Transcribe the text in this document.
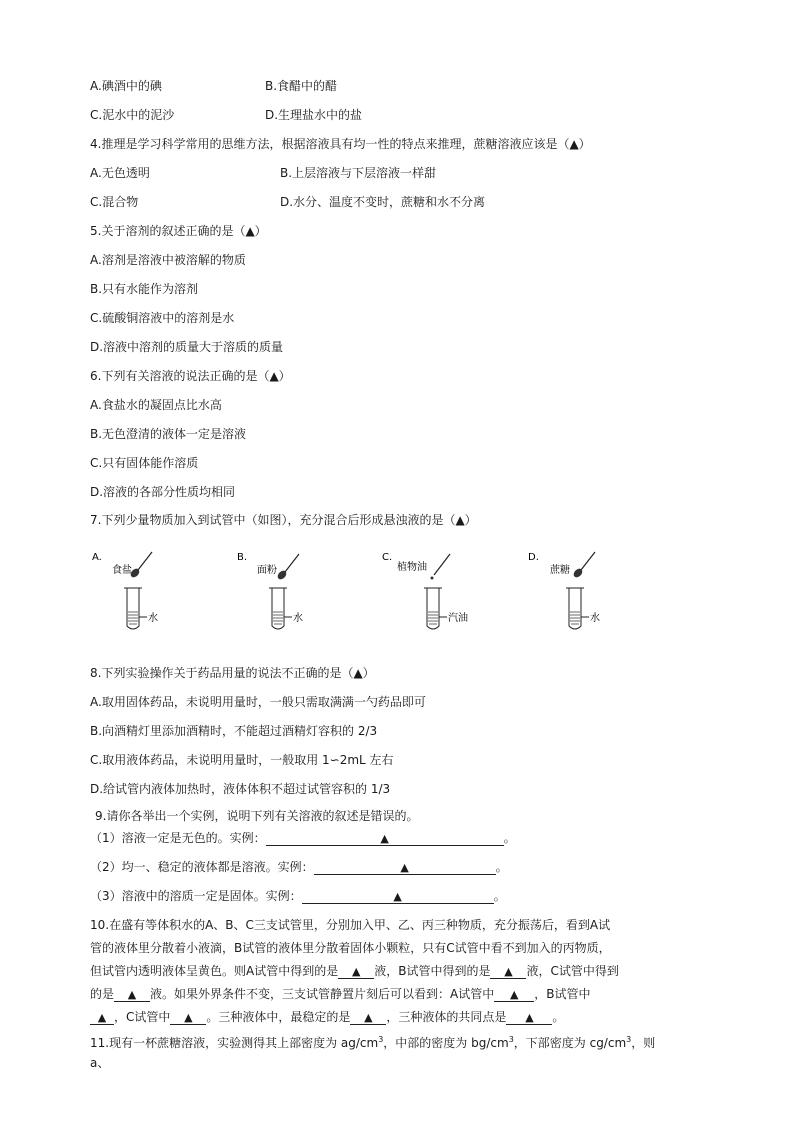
A.碘酒中的碘	B.食醋中的醋
C.泥水中的泥沙	D.生理盐水中的盐
4.推理是学习科学常用的思维方法，根据溶液具有均一性的特点来推理，蔗糖溶液应该是（▲）
A.无色透明	B.上层溶液与下层溶液一样甜
C.混合物	D.水分、温度不变时，蔗糖和水不分离
5.关于溶剂的叙述正确的是（▲）
A.溶剂是溶液中被溶解的物质
B.只有水能作为溶剂
C.硫酸铜溶液中的溶剂是水
D.溶液中溶剂的质量大于溶质的质量
6.下列有关溶液的说法正确的是（▲）
A.食盐水的凝固点比水高
B.无色澄清的液体一定是溶液
C.只有固体能作溶质
D.溶液的各部分性质均相同
7.下列少量物质加入到试管中（如图），充分混合后形成悬浊液的是（▲）
A.
食盐
水
B.
面粉
水
C.
植物油
汽油
D.
蔗糖
水
8.下列实验操作关于药品用量的说法不正确的是（▲）
A.取用固体药品，未说明用量时，一般只需取满满一勺药品即可
B.向酒精灯里添加酒精时，不能超过酒精灯容积的 2/3
C.取用液体药品，未说明用量时，一般取用 1∽2mL 左右
D.给试管内液体加热时，液体体积不超过试管容积的 1/3
9.请你各举出一个实例，说明下列有关溶液的叙述是错误的。
（1）溶液一定是无色的。实例：	▲	。
（2）均一、稳定的液体都是溶液。实例：	▲	。
（3）溶液中的溶质一定是固体。实例：	▲	。
10.在盛有等体积水的A、B、C三支试管里，分别加入甲、乙、丙三种物质，充分振荡后，看到A试
管的液体里分散着小液滴，B试管的液体里分散着固体小颗粒，只有C试管中看不到加入的丙物质，
但试管内透明液体呈黄色。则A试管中得到的是 ▲ 液，B试管中得到的是 ▲ 液，C试管中得到
的是 ▲ 液。如果外界条件不变，三支试管静置片刻后可以看到：A试管中 ▲ ，B试管中
▲ ，C试管中 ▲ 。三种液体中，最稳定的是 ▲ ，三种液体的共同点是 ▲ 。
11.现有一杯蔗糖溶液，实验测得其上部密度为 $ag/cm^3$，中部的密度为 $bg/cm^3$，下部密度为 $cg/cm^3$，则
a、
